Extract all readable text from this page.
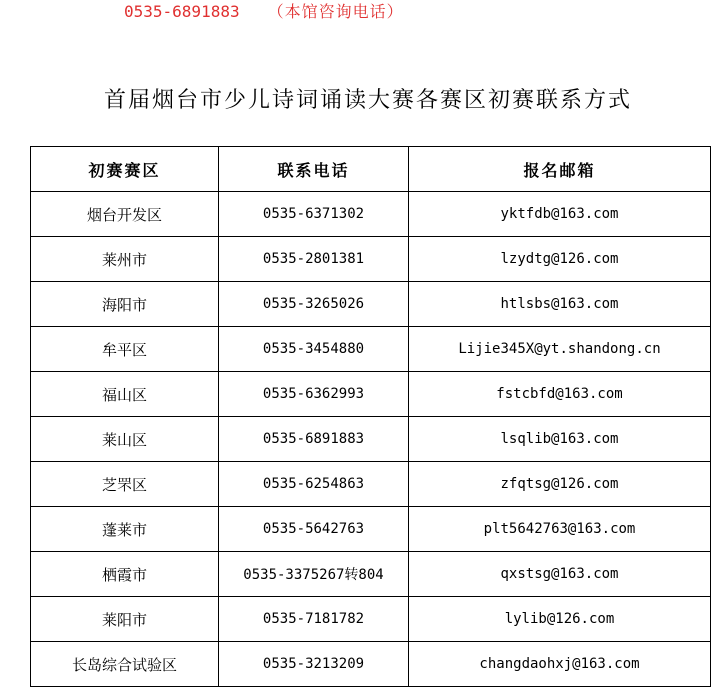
0535-6891883 （本馆咨询电话）
首届烟台市少儿诗词诵读大赛各赛区初赛联系方式
初赛赛区	联系电话	报名邮箱
烟台开发区	0535-6371302	yktfdb@163.com
莱州市	0535-2801381	lzydtg@126.com
海阳市	0535-3265026	htlsbs@163.com
牟平区	0535-3454880	Lijie345X@yt.shandong.cn
福山区	0535-6362993	fstcbfd@163.com
莱山区	0535-6891883	lsqlib@163.com
芝罘区	0535-6254863	zfqtsg@126.com
蓬莱市	0535-5642763	plt5642763@163.com
栖霞市	0535-3375267转804	qxstsg@163.com
莱阳市	0535-7181782	lylib@126.com
长岛综合试验区	0535-3213209	changdaohxj@163.com
